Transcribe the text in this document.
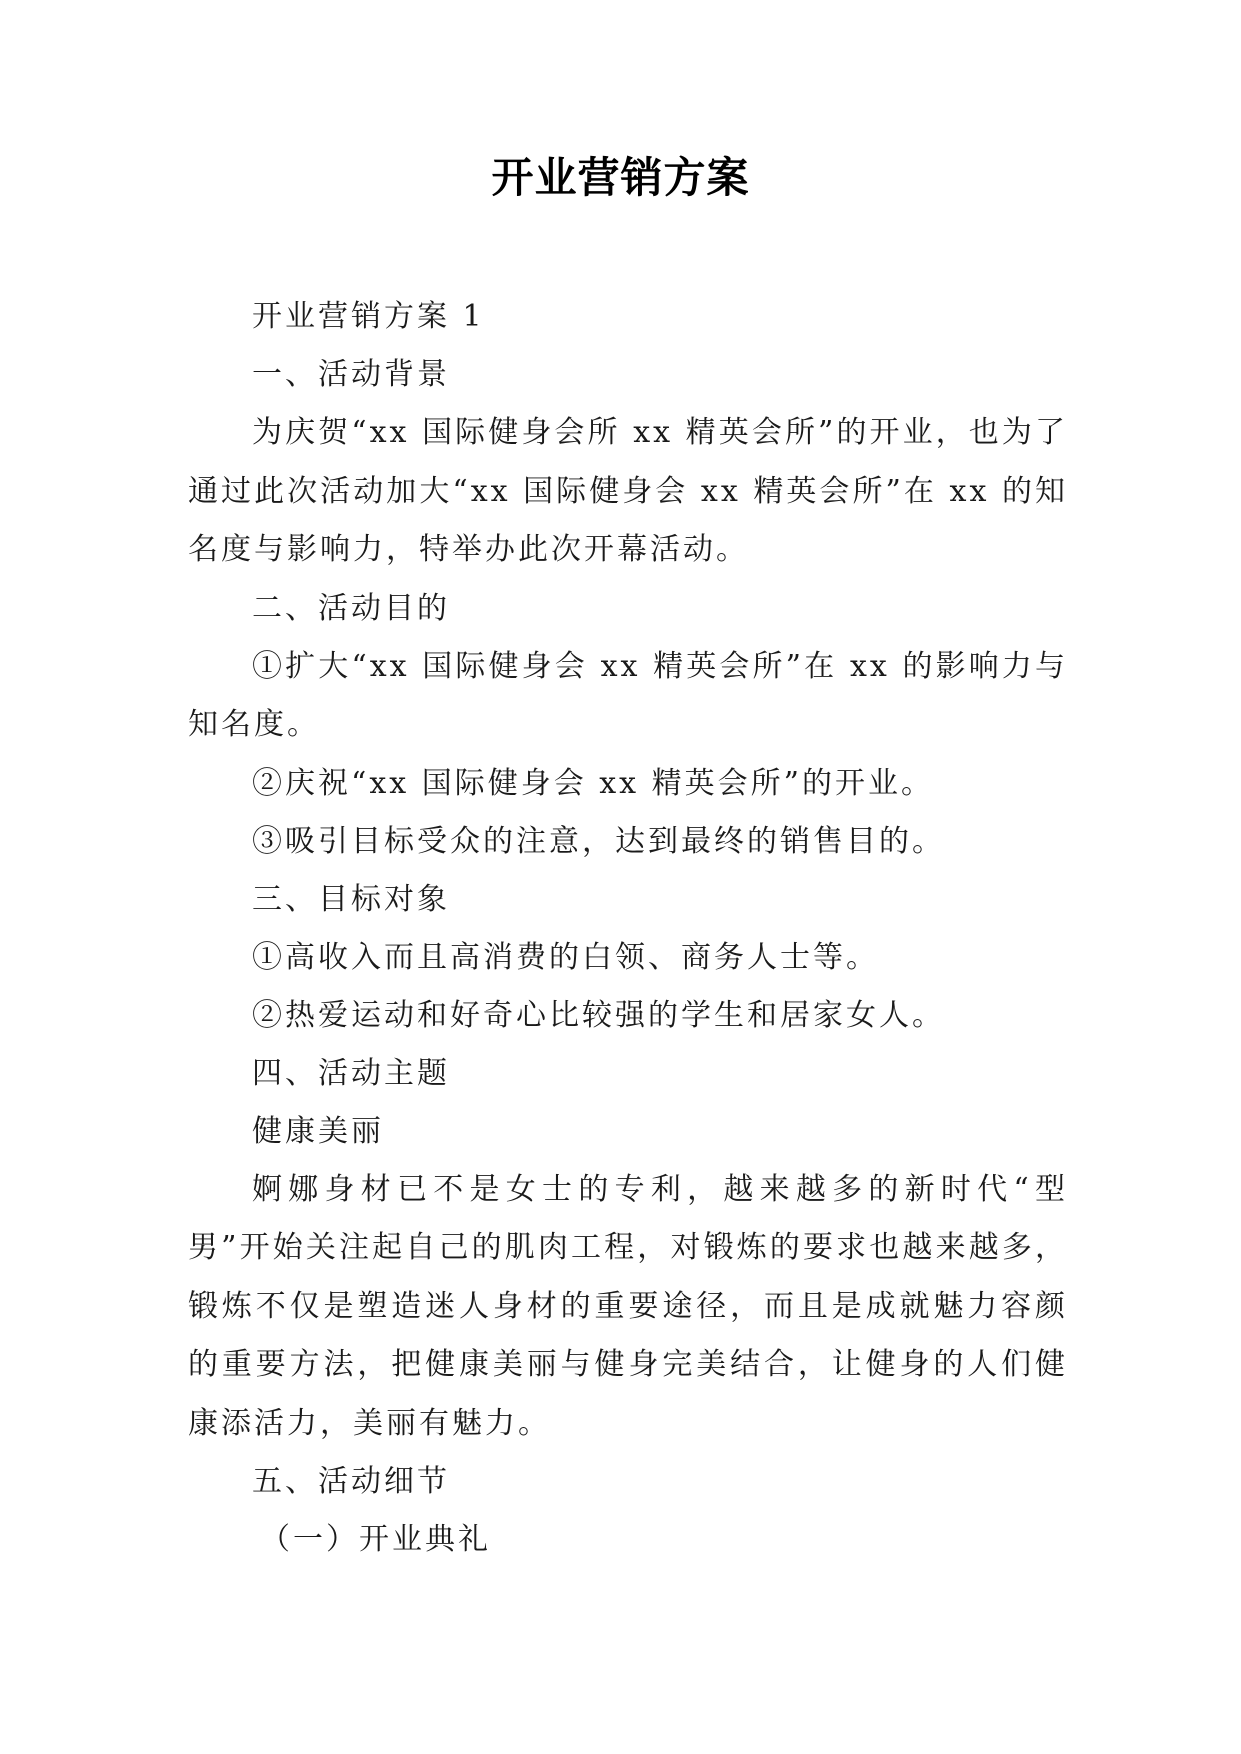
开业营销方案

开业营销方案 1

一、活动背景

为庆贺“xx 国际健身会所 xx 精英会所”的开业，也为了通过此次活动加大“xx 国际健身会 xx 精英会所”在 xx 的知名度与影响力，特举办此次开幕活动。

二、活动目的

①扩大“xx 国际健身会 xx 精英会所”在 xx 的影响力与知名度。

②庆祝“xx 国际健身会 xx 精英会所”的开业。

③吸引目标受众的注意，达到最终的销售目的。

三、目标对象

①高收入而且高消费的白领、商务人士等。

②热爱运动和好奇心比较强的学生和居家女人。

四、活动主题

健康美丽

婀娜身材已不是女士的专利，越来越多的新时代“型男”开始关注起自己的肌肉工程，对锻炼的要求也越来越多，锻炼不仅是塑造迷人身材的重要途径，而且是成就魅力容颜的重要方法，把健康美丽与健身完美结合，让健身的人们健康添活力，美丽有魅力。

五、活动细节

（一）开业典礼
